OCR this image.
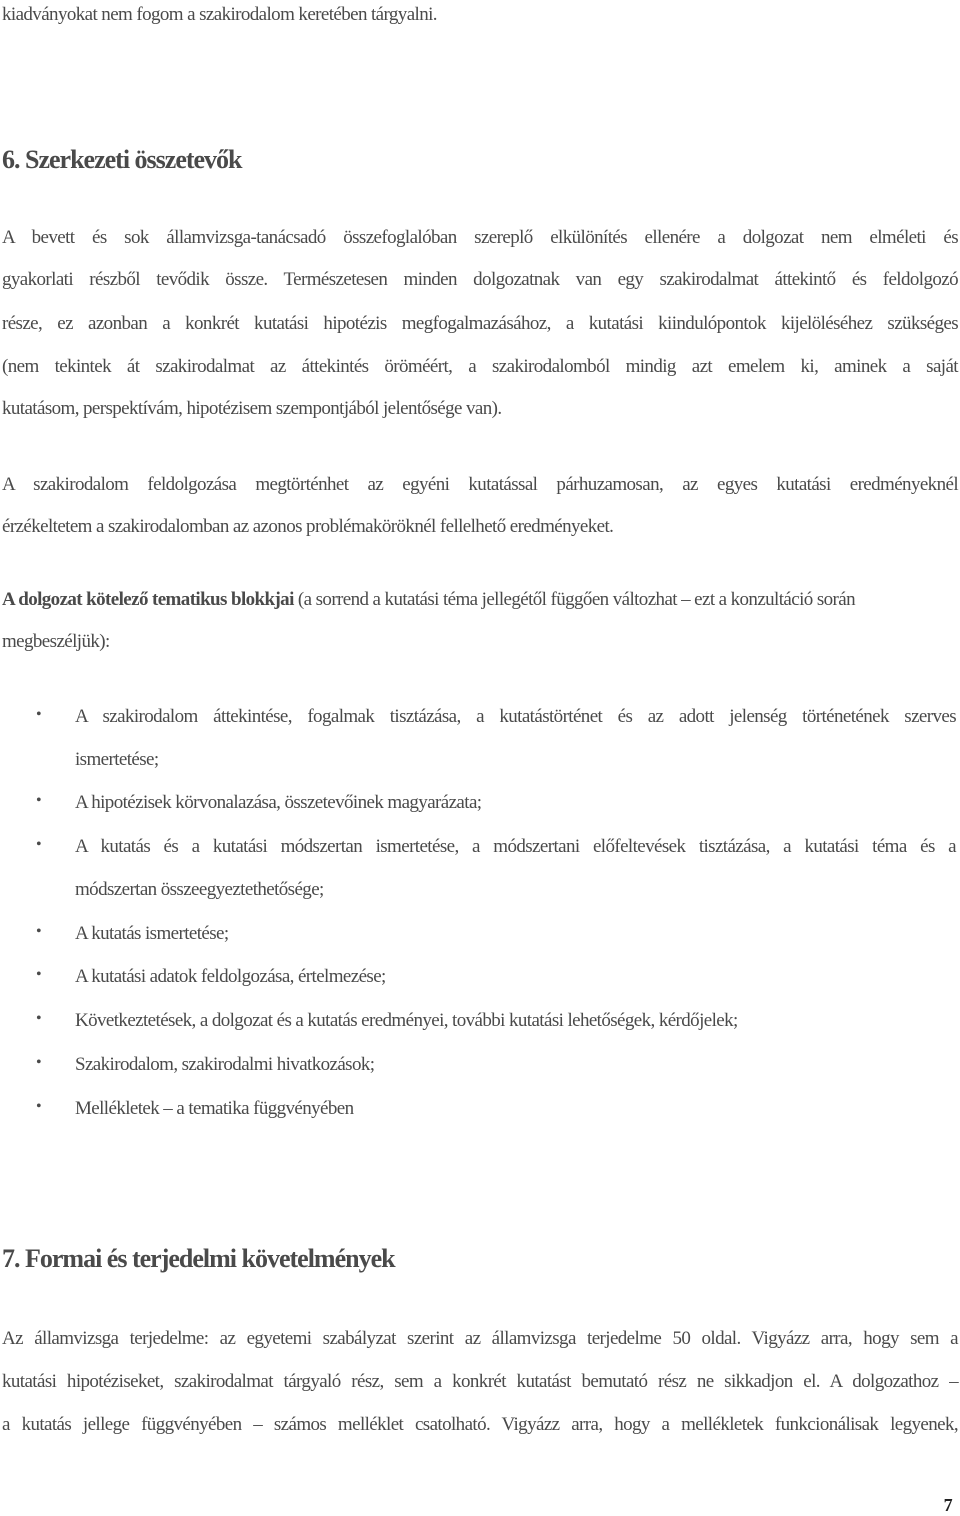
kiadványokat nem fogom a szakirodalom keretében tárgyalni.
6. Szerkezeti összetevők
A bevett és sok államvizsga-tanácsadó összefoglalóban szereplő elkülönítés ellenére a dolgozat nem elméleti és
gyakorlati részből tevődik össze. Természetesen minden dolgozatnak van egy szakirodalmat áttekintő és feldolgozó
része, ez azonban a konkrét kutatási hipotézis megfogalmazásához, a kutatási kiindulópontok kijelöléséhez szükséges
(nem tekintek át szakirodalmat az áttekintés öröméért, a szakirodalomból mindig azt emelem ki, aminek a saját
kutatásom, perspektívám, hipotézisem szempontjából jelentősége van).
A szakirodalom feldolgozása megtörténhet az egyéni kutatással párhuzamosan, az egyes kutatási eredményeknél
érzékeltetem a szakirodalomban az azonos problémaköröknél fellelhető eredményeket.
A dolgozat kötelező tematikus blokkjai (a sorrend a kutatási téma jellegétől függően változhat – ezt a konzultáció során
megbeszéljük):
• A szakirodalom áttekintése, fogalmak tisztázása, a kutatástörténet és az adott jelenség történetének szerves
ismertetése;
• A hipotézisek körvonalazása, összetevőinek magyarázata;
• A kutatás és a kutatási módszertan ismertetése, a módszertani előfeltevések tisztázása, a kutatási téma és a
módszertan összeegyeztethetősége;
• A kutatás ismertetése;
• A kutatási adatok feldolgozása, értelmezése;
• Következtetések, a dolgozat és a kutatás eredményei, további kutatási lehetőségek, kérdőjelek;
• Szakirodalom, szakirodalmi hivatkozások;
• Mellékletek – a tematika függvényében
7. Formai és terjedelmi követelmények
Az államvizsga terjedelme: az egyetemi szabályzat szerint az államvizsga terjedelme 50 oldal. Vigyázz arra, hogy sem a
kutatási hipotéziseket, szakirodalmat tárgyaló rész, sem a konkrét kutatást bemutató rész ne sikkadjon el. A dolgozathoz –
a kutatás jellege függvényében – számos melléklet csatolható. Vigyázz arra, hogy a mellékletek funkcionálisak legyenek,
7
